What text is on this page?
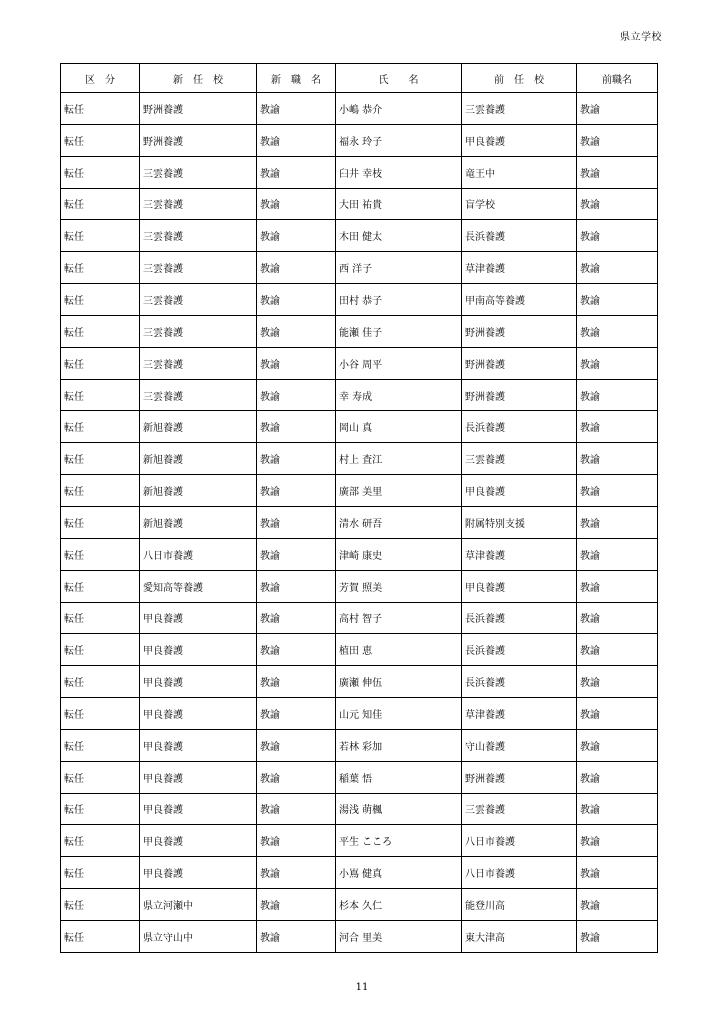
県立学校
区　分	新　任　校	新　職　名	氏　　名	前　任　校	前職名
転任	野洲養護	教諭	小嶋 恭介	三雲養護	教諭
転任	野洲養護	教諭	福永 玲子	甲良養護	教諭
転任	三雲養護	教諭	臼井 幸枝	竜王中	教諭
転任	三雲養護	教諭	大田 祐貴	盲学校	教諭
転任	三雲養護	教諭	木田 健太	長浜養護	教諭
転任	三雲養護	教諭	西 洋子	草津養護	教諭
転任	三雲養護	教諭	田村 恭子	甲南高等養護	教諭
転任	三雲養護	教諭	能瀬 佳子	野洲養護	教諭
転任	三雲養護	教諭	小谷 周平	野洲養護	教諭
転任	三雲養護	教諭	幸 寿成	野洲養護	教諭
転任	新旭養護	教諭	岡山 真	長浜養護	教諭
転任	新旭養護	教諭	村上 査江	三雲養護	教諭
転任	新旭養護	教諭	廣部 美里	甲良養護	教諭
転任	新旭養護	教諭	清水 研吾	附属特別支援	教諭
転任	八日市養護	教諭	津崎 康史	草津養護	教諭
転任	愛知高等養護	教諭	芳賀 照美	甲良養護	教諭
転任	甲良養護	教諭	高村 智子	長浜養護	教諭
転任	甲良養護	教諭	植田 恵	長浜養護	教諭
転任	甲良養護	教諭	廣瀬 伸伍	長浜養護	教諭
転任	甲良養護	教諭	山元 知佳	草津養護	教諭
転任	甲良養護	教諭	若林 彩加	守山養護	教諭
転任	甲良養護	教諭	稲葉 悟	野洲養護	教諭
転任	甲良養護	教諭	湯浅 萌楓	三雲養護	教諭
転任	甲良養護	教諭	平生 こころ	八日市養護	教諭
転任	甲良養護	教諭	小嶌 健真	八日市養護	教諭
転任	県立河瀬中	教諭	杉本 久仁	能登川高	教諭
転任	県立守山中	教諭	河合 里美	東大津高	教諭
11
